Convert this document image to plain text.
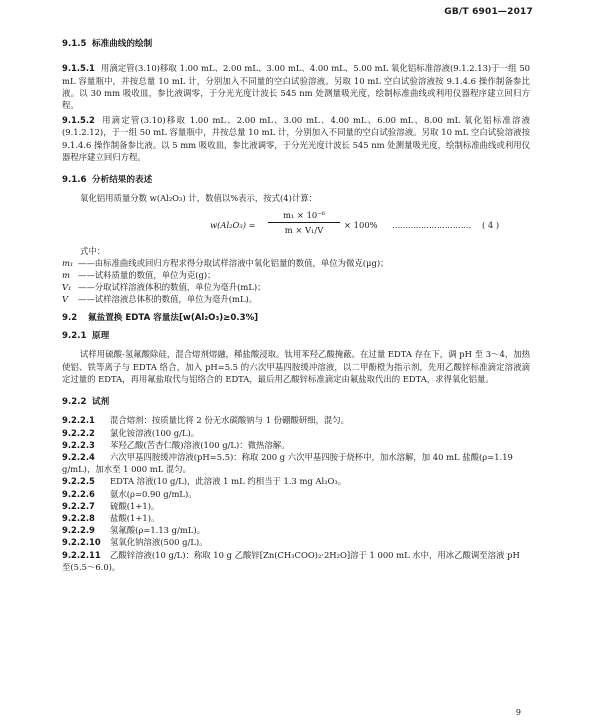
GB/T 6901—2017
9.1.5 标准曲线的绘制

9.1.5.1 用滴定管(3.10)移取 1.00 mL、2.00 mL、3.00 mL、4.00 mL、5.00 mL 氧化铝标准溶液(9.1.2.13)于一组 50 mL 容量瓶中，并按总量 10 mL 计，分别加入不同量的空白试验溶液。另取 10 mL 空白试验溶液按 9.1.4.6 操作制备参比液。以 30 mm 吸收皿，参比液调零，于分光光度计波长 545 nm 处测量吸光度，绘制标准曲线或利用仪器程序建立回归方程。

9.1.5.2 用滴定管(3.10)移取 1.00 mL、2.00 mL、3.00 mL、4.00 mL、6.00 mL、8.00 mL 氧化铝标准溶液(9.1.2.12)，于一组 50 mL 容量瓶中，并按总量 10 mL 计，分别加入不同量的空白试验溶液。另取 10 mL 空白试验溶液按 9.1.4.6 操作制备参比液。以 5 mm 吸收皿，参比液调零，于分光光度计波长 545 nm 处测量吸光度，绘制标准曲线或利用仪器程序建立回归方程。

9.1.6 分析结果的表述

氧化铝用质量分数 w(Al₂O₃) 计，数值以%表示，按式(4)计算：

$w(Al_2O_3) = \frac{\text{m₁ × 10⁻⁶}}{\text{m × V₁/V}} \times 100\%$ ………………………… ( 4 )

式中：

m₁ ——由标准曲线或回归方程求得分取试样溶液中氧化铝量的数值，单位为微克(μg)；

m ——试料质量的数值，单位为克(g)；

V₁ ——分取试样溶液体积的数值，单位为毫升(mL)；

V ——试样溶液总体积的数值，单位为毫升(mL)。

9.2 氟盐置换 EDTA 容量法[w(Al₂O₃)≥0.3%]
9.2.1 原理

试样用硫酸-氢氟酸除硅，混合熔剂熔融，稀盐酸浸取。钛用苯羟乙酸掩蔽。在过量 EDTA 存在下，调 pH 至 3～4，加热使铝、铁等离子与 EDTA 络合，加入 pH=5.5 的六次甲基四胺缓冲溶液，以二甲酚橙为指示剂，先用乙酸锌标准滴定溶液滴定过量的 EDTA，再用氟盐取代与铝络合的 EDTA，最后用乙酸锌标准滴定由氟盐取代出的 EDTA，求得氧化铝量。

9.2.2 试剂

9.2.2.1 混合熔剂：按质量比将 2 份无水碳酸钠与 1 份硼酸研细，混匀。

9.2.2.2 氯化铵溶液(100 g/L)。

9.2.2.3 苯羟乙酸(苦杏仁酸)溶液(100 g/L)：微热溶解。

9.2.2.4 六次甲基四胺缓冲溶液(pH=5.5)：称取 200 g 六次甲基四胺于烧杯中，加水溶解，加 40 mL 盐酸(ρ=1.19 g/mL)，加水至 1 000 mL 混匀。

9.2.2.5 EDTA 溶液(10 g/L)，此溶液 1 mL 约相当于 1.3 mg Al₂O₃。

9.2.2.6 氨水(ρ=0.90 g/mL)。

9.2.2.7 硫酸(1+1)。

9.2.2.8 盐酸(1+1)。

9.2.2.9 氢氟酸(ρ=1.13 g/mL)。

9.2.2.10 氢氧化钠溶液(500 g/L)。

9.2.2.11 乙酸锌溶液(10 g/L)：称取 10 g 乙酸锌[Zn(CH₃COO)₂·2H₂O]溶于 1 000 mL 水中，用冰乙酸调至溶液 pH 至(5.5～6.0)。

9
